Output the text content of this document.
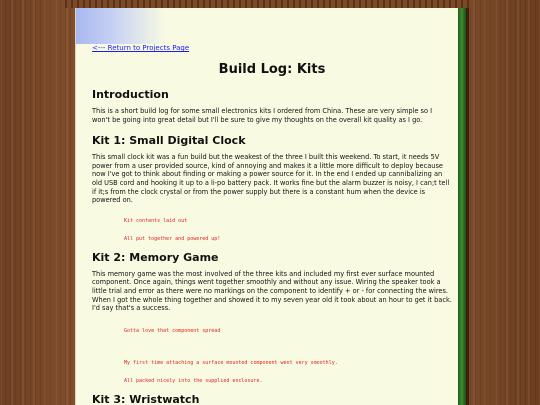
<--- Return to Projects Page
Build Log: Kits
Introduction

This is a short build log for some small electronics kits I ordered from China. These are very simple so I won't be going into great detail but I'll be sure to give my thoughts on the overall kit quality as I go.

Kit 1: Small Digital Clock

This small clock kit was a fun build but the weakest of the three I built this weekend. To start, it needs 5V power from a user provided source, kind of annoying and makes it a little more difficult to deploy because now I've got to think about finding or making a power source for it. In the end I ended up cannibalizing an old USB cord and hooking it up to a li-po battery pack. It works fine but the alarm buzzer is noisy, I can;t tell if it;s from the clock crystal or from the power supply but there is a constant hum when the device is powered on.

Kit contents laid out
All put together and powered up!
Kit 2: Memory Game

This memory game was the most involved of the three kits and included my first ever surface mounted component. Once again, things went together smoothly and without any issue. Wiring the speaker took a little trial and error as there were no markings on the component to identify + or - for connecting the wires. When I got the whole thing together and showed it to my seven year old it took about an hour to get it back. I'd say that's a success.

Gotta love that component spread
My first time attaching a surface mounted component went very smoothly.
All packed nicely into the supplied enclosure.
Kit 3: Wristwatch
